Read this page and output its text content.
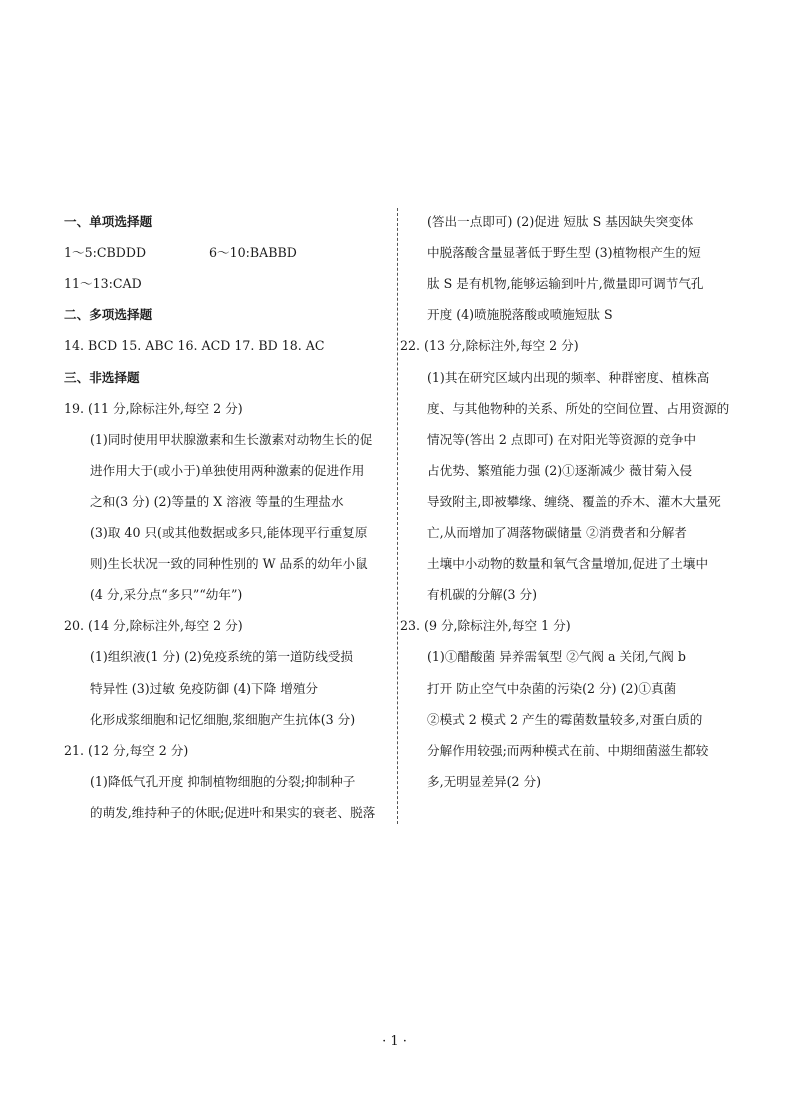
一、单项选择题
1～5:CBDDD　　　　　6～10:BABBD
11～13:CAD
二、多项选择题
14. BCD 15. ABC 16. ACD 17. BD 18. AC
三、非选择题
19. (11 分,除标注外,每空 2 分)
(1)同时使用甲状腺激素和生长激素对动物生长的促
进作用大于(或小于)单独使用两种激素的促进作用
之和(3 分) (2)等量的 X 溶液 等量的生理盐水
(3)取 40 只(或其他数据或多只,能体现平行重复原
则)生长状况一致的同种性别的 W 品系的幼年小鼠
(4 分,采分点“多只”“幼年”)
20. (14 分,除标注外,每空 2 分)
(1)组织液(1 分) (2)免疫系统的第一道防线受损
特异性 (3)过敏 免疫防御 (4)下降 增殖分
化形成浆细胞和记忆细胞,浆细胞产生抗体(3 分)
21. (12 分,每空 2 分)
(1)降低气孔开度 抑制植物细胞的分裂;抑制种子
的萌发,维持种子的休眠;促进叶和果实的衰老、脱落
(答出一点即可) (2)促进 短肽 S 基因缺失突变体
中脱落酸含量显著低于野生型 (3)植物根产生的短
肽 S 是有机物,能够运输到叶片,微量即可调节气孔
开度 (4)喷施脱落酸或喷施短肽 S
22. (13 分,除标注外,每空 2 分)
(1)其在研究区域内出现的频率、种群密度、植株高
度、与其他物种的关系、所处的空间位置、占用资源的
情况等(答出 2 点即可) 在对阳光等资源的竞争中
占优势、繁殖能力强 (2)①逐渐减少 薇甘菊入侵
导致附主,即被攀缘、缠绕、覆盖的乔木、灌木大量死
亡,从而增加了凋落物碳储量 ②消费者和分解者
土壤中小动物的数量和氧气含量增加,促进了土壤中
有机碳的分解(3 分)
23. (9 分,除标注外,每空 1 分)
(1)①醋酸菌 异养需氧型 ②气阀 a 关闭,气阀 b
打开 防止空气中杂菌的污染(2 分) (2)①真菌
②模式 2 模式 2 产生的霉菌数量较多,对蛋白质的
分解作用较强;而两种模式在前、中期细菌滋生都较
多,无明显差异(2 分)
· 1 ·
